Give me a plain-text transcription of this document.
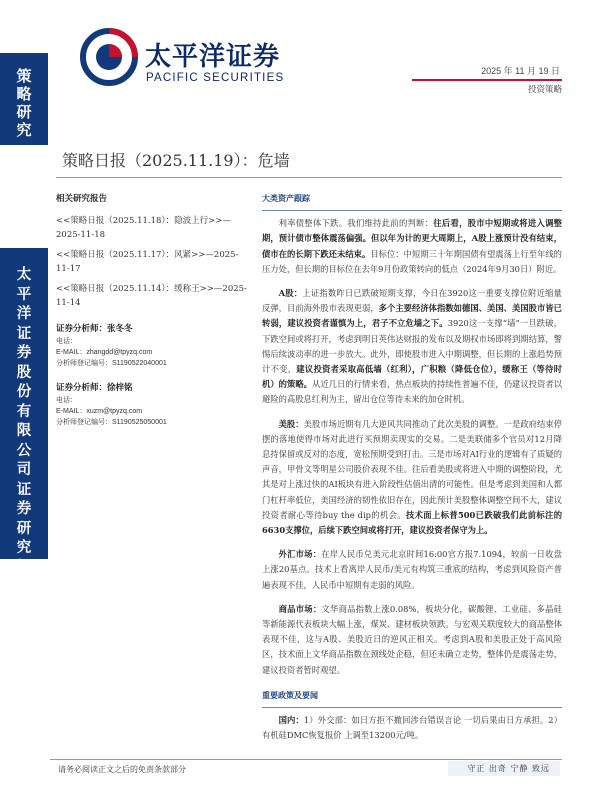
太平洋证券
PACIFIC SECURITIES
2025 年 11 月 19 日
投资策略
策
略
研
究
太
平
洋
证
券
股
份
有
限
公
司
证
券
研
究
报
告
策略日报（2025.11.19）：危墙
相关研究报告
<<策略日报（2025.11.18）：隐波上行>>—2025-11-18
<<策略日报（2025.11.17）：风紧>>—2025-11-17
<<策略日报（2025.11.14）：缓称王>>—2025-11-14
证券分析师：张冬冬
电话：
E-MAIL：zhangdd@tpyzq.com
分析师登记编号：S1190522040001
证券分析师：徐梓铭
电话：
E-MAIL：xuzm@tpyzq.com
分析师登记编号：S1190525050001
大类资产跟踪

利率债整体下跌。我们维持此前的判断：往后看，股市中短期或将进入调整期，预计债市整体震荡偏强。但以年为计的更大周期上，A股上涨预计没有结束，债市在的长期下跌还未结束。目标位：中短期三十年期国债有望震荡上行至年线的压力处，但长期的目标位在去年9月份政策转向的低点（2024年9月30日）附近。

A股：上证指数昨日已跌破短期支撑，今日在3920这一重要支撑位附近缩量反弹，目前海外股市表现更弱，多个主要经济体指数如德国、美国、美国股市皆已转弱，建议投资者谨慎为上，君子不立危墙之下。3920这一支撑“墙”一旦跌破，下跌空间或将打开，考虑到明日英伟达财报的发布以及期权市场即将到期结算，警惕后续波动率的进一步放大。此外，即使股市进入中期调整，但长期的上涨趋势预计不变，建议投资者采取高低墙（红利），广积粮（降低仓位），缓称王（等待时机）的策略。从近几日的行情来看，热点板块的持续性普遍不佳，仍建议投资者以避险的高股息红利为主，留出仓位等待未来的加仓时机。

美股：美股市场近期有几大逆风共同推动了此次美股的调整。一是政府结束停摆的落地使得市场对此进行买预期卖现实的交易。二是美联储多个官员对12月降息持保留或反对的态度，宽松预期受到打击。三是市场对AI行业的逻辑有了质疑的声音，甲骨文等明星公司股价表现不佳。往后看美股或将进入中期的调整阶段，尤其是对上涨过快的AI板块有进入阶段性估值出清的可能性。但是考虑到美国和人都门杠杆率低位，美国经济的韧性依旧存在，因此预计美股整体调整空间不大，建议投资者耐心等待buy the dip的机会。技术面上标普500已跌破我们此前标注的6630支撑位，后续下跌空间或将打开，建议投资者保守为上。

外汇市场：在岸人民币兑美元北京时间16:00官方报7.1094，较前一日收盘上涨20基点。技术上看离岸人民币/美元有构筑三重底的结构，考虑到风险资产普遍表现不佳，人民币中短期有走弱的风险。

商品市场：文华商品指数上涨0.08%，板块分化，碳酸锂、工业硅、多晶硅等新能源代表板块大幅上涨，煤炭、建材板块领跌。与宏观关联度较大的商品整体表现不佳，这与A股、美股近日的逆风正相关。考虑到A股和美股正处于高风险区，技术面上文华商品指数在颈线处企稳，但还未确立走势，整体仍是震荡走势，建议投资者暂时观望。

重要政策及要闻

国内：1）外交部：如日方拒不撤回涉台错误言论 一切后果由日方承担。2）有机硅DMC恢复报价 上调至13200元/吨。

请务必阅读正文之后的免责条款部分	守正 出奇 宁静 致远
